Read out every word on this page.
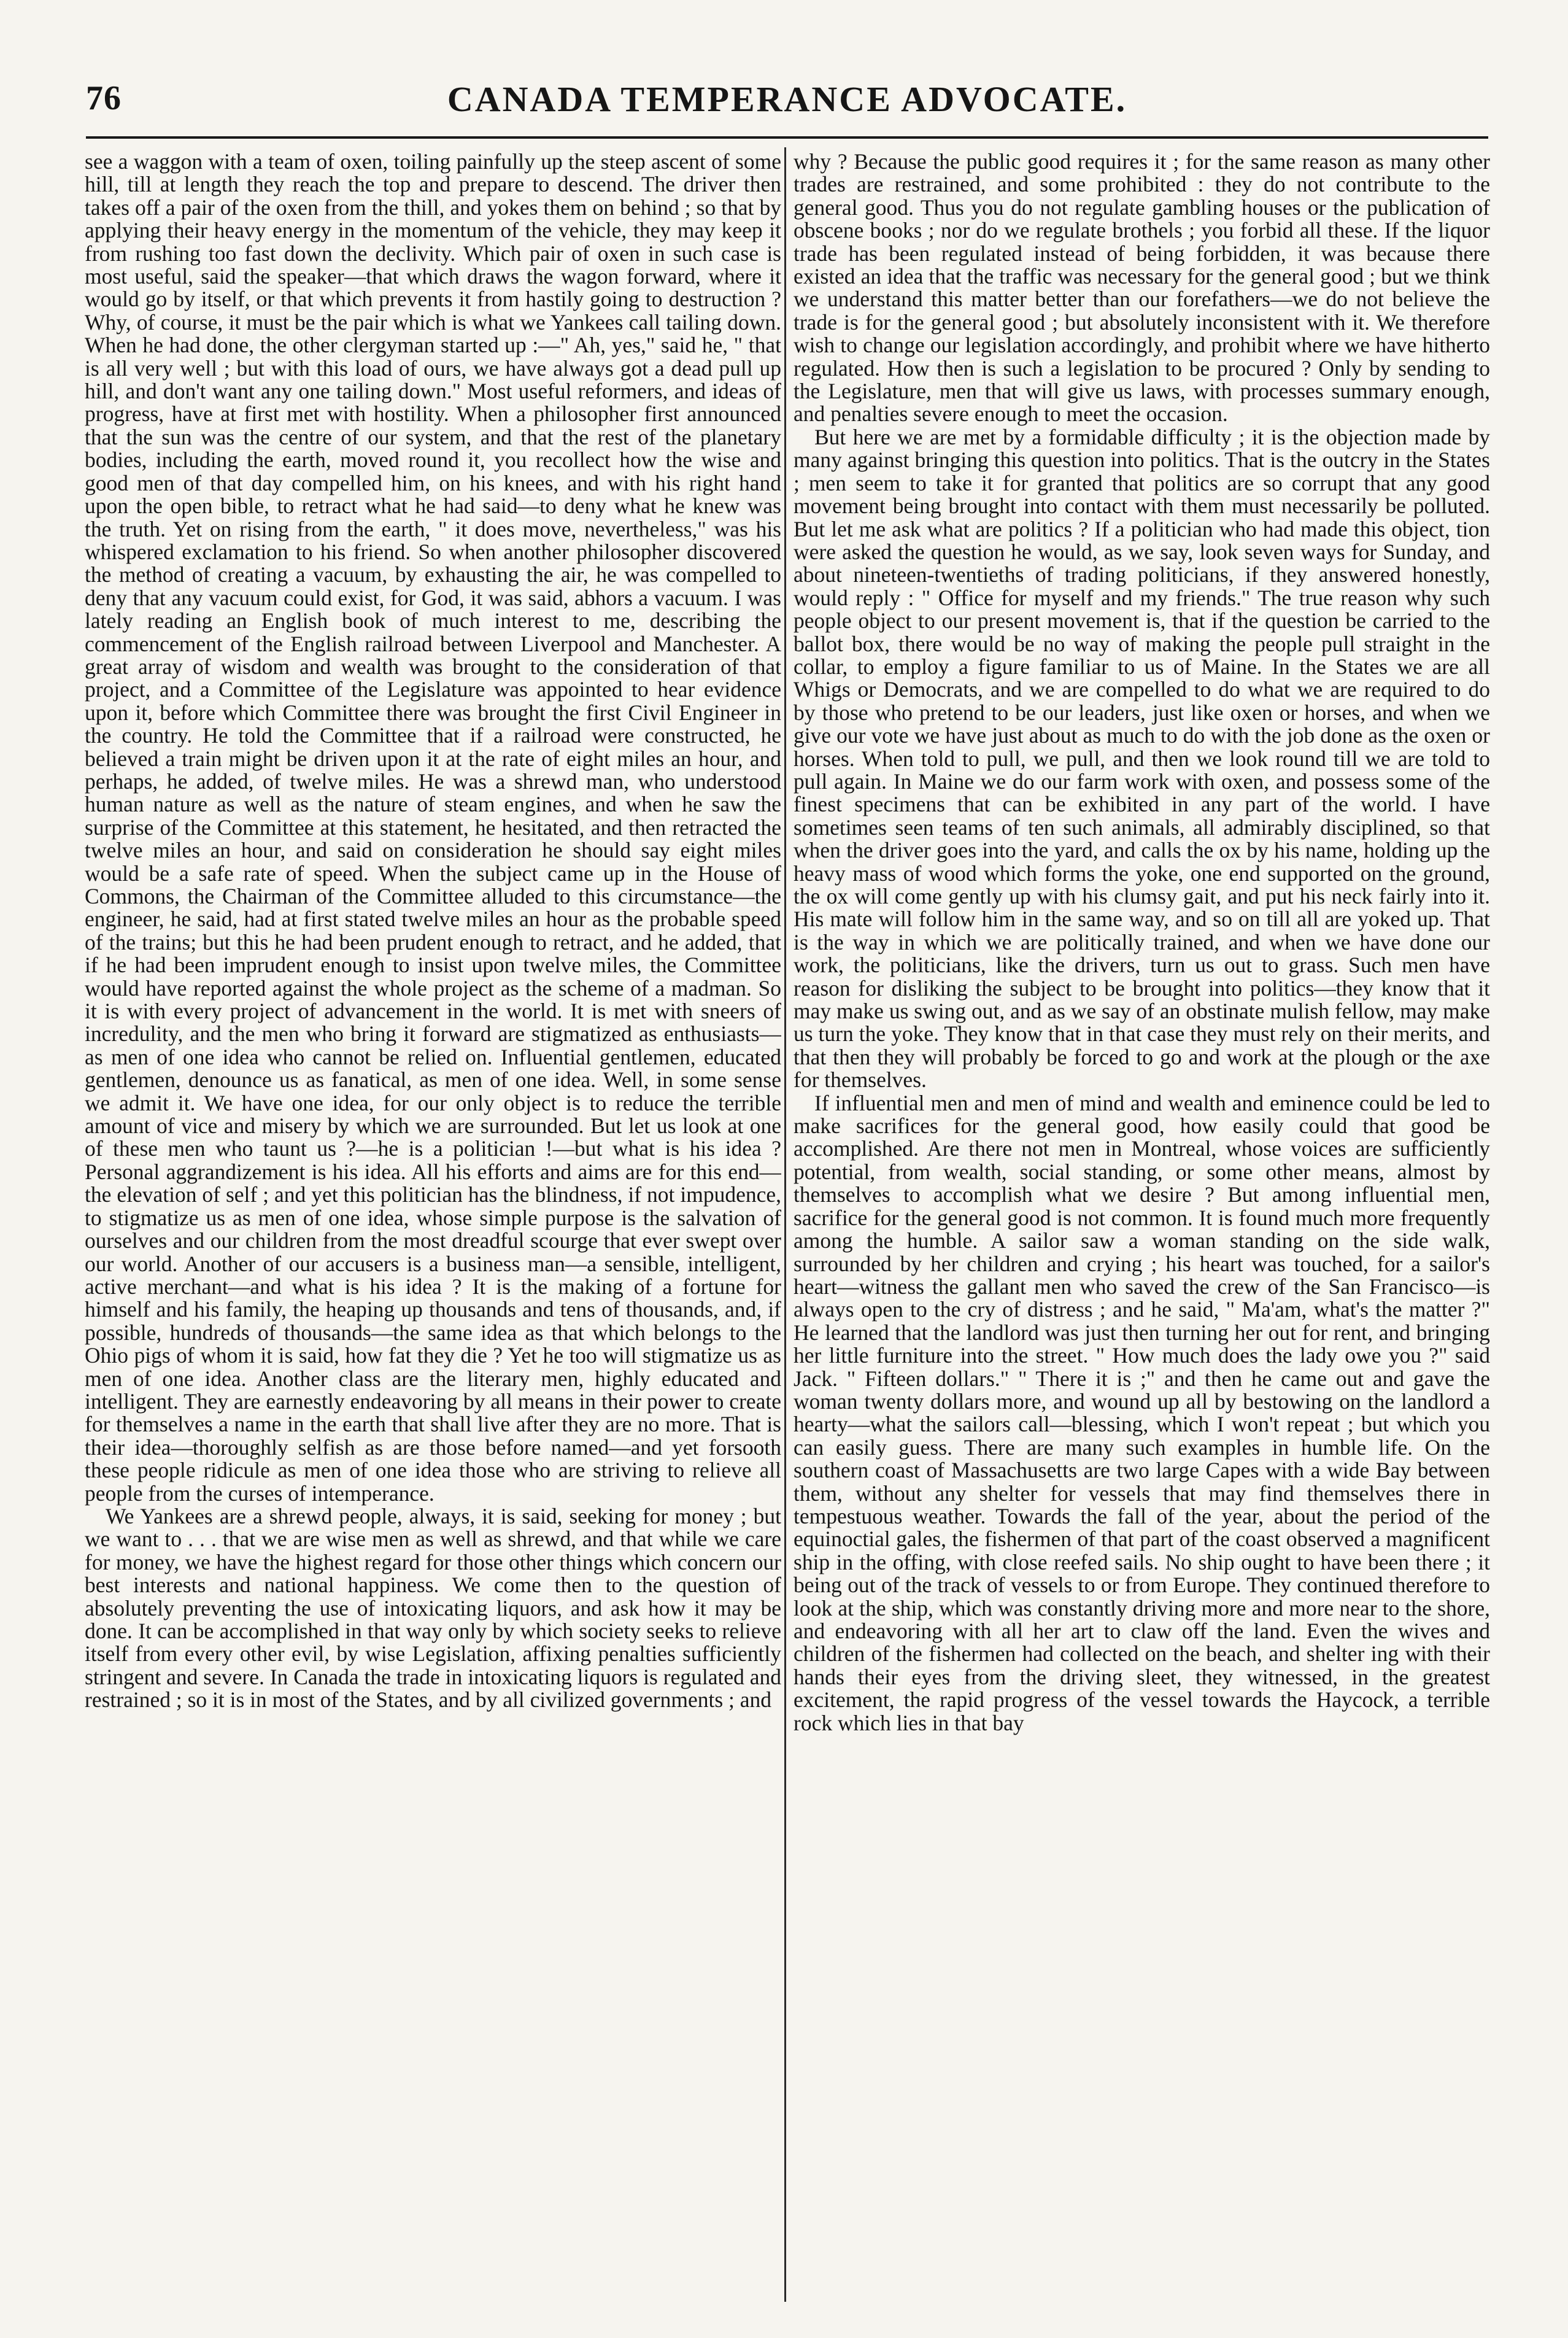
76	CANADA TEMPERANCE ADVOCATE.

see a waggon with a team of oxen, toiling painfully up the steep ascent of some hill, till at length they reach the top and prepare to descend. The driver then takes off a pair of the oxen from the thill, and yokes them on behind ; so that by applying their heavy energy in the momentum of the vehicle, they may keep it from rushing too fast down the declivity. Which pair of oxen in such case is most useful, said the speaker—that which draws the wagon forward, where it would go by itself, or that which prevents it from hastily going to destruction ? Why, of course, it must be the pair which is what we Yankees call tailing down. When he had done, the other clergyman started up :—" Ah, yes," said he, " that is all very well ; but with this load of ours, we have always got a dead pull up hill, and don't want any one tailing down." Most useful reformers, and ideas of progress, have at first met with hostility. When a philosopher first announced that the sun was the centre of our system, and that the rest of the planetary bodies, including the earth, moved round it, you recollect how the wise and good men of that day compelled him, on his knees, and with his right hand upon the open bible, to retract what he had said—to deny what he knew was the truth. Yet on rising from the earth, " it does move, nevertheless," was his whispered exclamation to his friend. So when another philosopher discovered the method of creating a vacuum, by exhausting the air, he was compelled to deny that any vacuum could exist, for God, it was said, abhors a vacuum. I was lately reading an English book of much interest to me, describing the commencement of the English railroad between Liverpool and Manchester. A great array of wisdom and wealth was brought to the consideration of that project, and a Committee of the Legislature was appointed to hear evidence upon it, before which Committee there was brought the first Civil Engineer in the country. He told the Committee that if a railroad were constructed, he believed a train might be driven upon it at the rate of eight miles an hour, and perhaps, he added, of twelve miles. He was a shrewd man, who understood human nature as well as the nature of steam engines, and when he saw the surprise of the Committee at this statement, he hesitated, and then retracted the twelve miles an hour, and said on consideration he should say eight miles would be a safe rate of speed. When the subject came up in the House of Commons, the Chairman of the Committee alluded to this circumstance—the engineer, he said, had at first stated twelve miles an hour as the probable speed of the trains; but this he had been prudent enough to retract, and he added, that if he had been imprudent enough to insist upon twelve miles, the Committee would have reported against the whole project as the scheme of a madman. So it is with every project of advancement in the world. It is met with sneers of incredulity, and the men who bring it forward are stigmatized as enthusiasts—as men of one idea who cannot be relied on. Influential gentlemen, educated gentlemen, denounce us as fanatical, as men of one idea. Well, in some sense we admit it. We have one idea, for our only object is to reduce the terrible amount of vice and misery by which we are surrounded. But let us look at one of these men who taunt us ?—he is a politician !—but what is his idea ? Personal aggrandizement is his idea. All his efforts and aims are for this end—the elevation of self ; and yet this politician has the blindness, if not impudence, to stigmatize us as men of one idea, whose simple purpose is the salvation of ourselves and our children from the most dreadful scourge that ever swept over our world. Another of our accusers is a business man—a sensible, intelligent, active merchant—and what is his idea ? It is the making of a fortune for himself and his family, the heaping up thousands and tens of thousands, and, if possible, hundreds of thousands—the same idea as that which belongs to the Ohio pigs of whom it is said, how fat they die ? Yet he too will stigmatize us as men of one idea. Another class are the literary men, highly educated and intelligent. They are earnestly endeavoring by all means in their power to create for themselves a name in the earth that shall live after they are no more. That is their idea—thoroughly selfish as are those before named—and yet forsooth these people ridicule as men of one idea those who are striving to relieve all people from the curses of intemperance.

We Yankees are a shrewd people, always, it is said, seeking for money ; but we want to . . . that we are wise men as well as shrewd, and that while we care for money, we have the highest regard for those other things which concern our best interests and national happiness. We come then to the question of absolutely preventing the use of intoxicating liquors, and ask how it may be done. It can be accomplished in that way only by which society seeks to relieve itself from every other evil, by wise Legislation, affixing penalties sufficiently stringent and severe. In Canada the trade in intoxicating liquors is regulated and restrained ; so it is in most of the States, and by all civilized governments ; and

why ? Because the public good requires it ; for the same reason as many other trades are restrained, and some prohibited : they do not contribute to the general good. Thus you do not regulate gambling houses or the publication of obscene books ; nor do we regulate brothels ; you forbid all these. If the liquor trade has been regulated instead of being forbidden, it was because there existed an idea that the traffic was necessary for the general good ; but we think we understand this matter better than our forefathers—we do not believe the trade is for the general good ; but absolutely inconsistent with it. We therefore wish to change our legislation accordingly, and prohibit where we have hitherto regulated. How then is such a legislation to be procured ? Only by sending to the Legislature, men that will give us laws, with processes summary enough, and penalties severe enough to meet the occasion.

But here we are met by a formidable difficulty ; it is the objection made by many against bringing this question into politics. That is the outcry in the States ; men seem to take it for granted that politics are so corrupt that any good movement being brought into contact with them must necessarily be polluted. But let me ask what are politics ? If a politician who had made this object, tion were asked the question he would, as we say, look seven ways for Sunday, and about nineteen-twentieths of trading politicians, if they answered honestly, would reply : " Office for myself and my friends." The true reason why such people object to our present movement is, that if the question be carried to the ballot box, there would be no way of making the people pull straight in the collar, to employ a figure familiar to us of Maine. In the States we are all Whigs or Democrats, and we are compelled to do what we are required to do by those who pretend to be our leaders, just like oxen or horses, and when we give our vote we have just about as much to do with the job done as the oxen or horses. When told to pull, we pull, and then we look round till we are told to pull again. In Maine we do our farm work with oxen, and possess some of the finest specimens that can be exhibited in any part of the world. I have sometimes seen teams of ten such animals, all admirably disciplined, so that when the driver goes into the yard, and calls the ox by his name, holding up the heavy mass of wood which forms the yoke, one end supported on the ground, the ox will come gently up with his clumsy gait, and put his neck fairly into it. His mate will follow him in the same way, and so on till all are yoked up. That is the way in which we are politically trained, and when we have done our work, the politicians, like the drivers, turn us out to grass. Such men have reason for disliking the subject to be brought into politics—they know that it may make us swing out, and as we say of an obstinate mulish fellow, may make us turn the yoke. They know that in that case they must rely on their merits, and that then they will probably be forced to go and work at the plough or the axe for themselves.

If influential men and men of mind and wealth and eminence could be led to make sacrifices for the general good, how easily could that good be accomplished. Are there not men in Montreal, whose voices are sufficiently potential, from wealth, social standing, or some other means, almost by themselves to accomplish what we desire ? But among influential men, sacrifice for the general good is not common. It is found much more frequently among the humble. A sailor saw a woman standing on the side walk, surrounded by her children and crying ; his heart was touched, for a sailor's heart—witness the gallant men who saved the crew of the San Francisco—is always open to the cry of distress ; and he said, " Ma'am, what's the matter ?" He learned that the landlord was just then turning her out for rent, and bringing her little furniture into the street. " How much does the lady owe you ?" said Jack. " Fifteen dollars." " There it is ;" and then he came out and gave the woman twenty dollars more, and wound up all by bestowing on the landlord a hearty—what the sailors call—blessing, which I won't repeat ; but which you can easily guess. There are many such examples in humble life. On the southern coast of Massachusetts are two large Capes with a wide Bay between them, without any shelter for vessels that may find themselves there in tempestuous weather. Towards the fall of the year, about the period of the equinoctial gales, the fishermen of that part of the coast observed a magnificent ship in the offing, with close reefed sails. No ship ought to have been there ; it being out of the track of vessels to or from Europe. They continued therefore to look at the ship, which was constantly driving more and more near to the shore, and endeavoring with all her art to claw off the land. Even the wives and children of the fishermen had collected on the beach, and shelter ing with their hands their eyes from the driving sleet, they witnessed, in the greatest excitement, the rapid progress of the vessel towards the Haycock, a terrible rock which lies in that bay
